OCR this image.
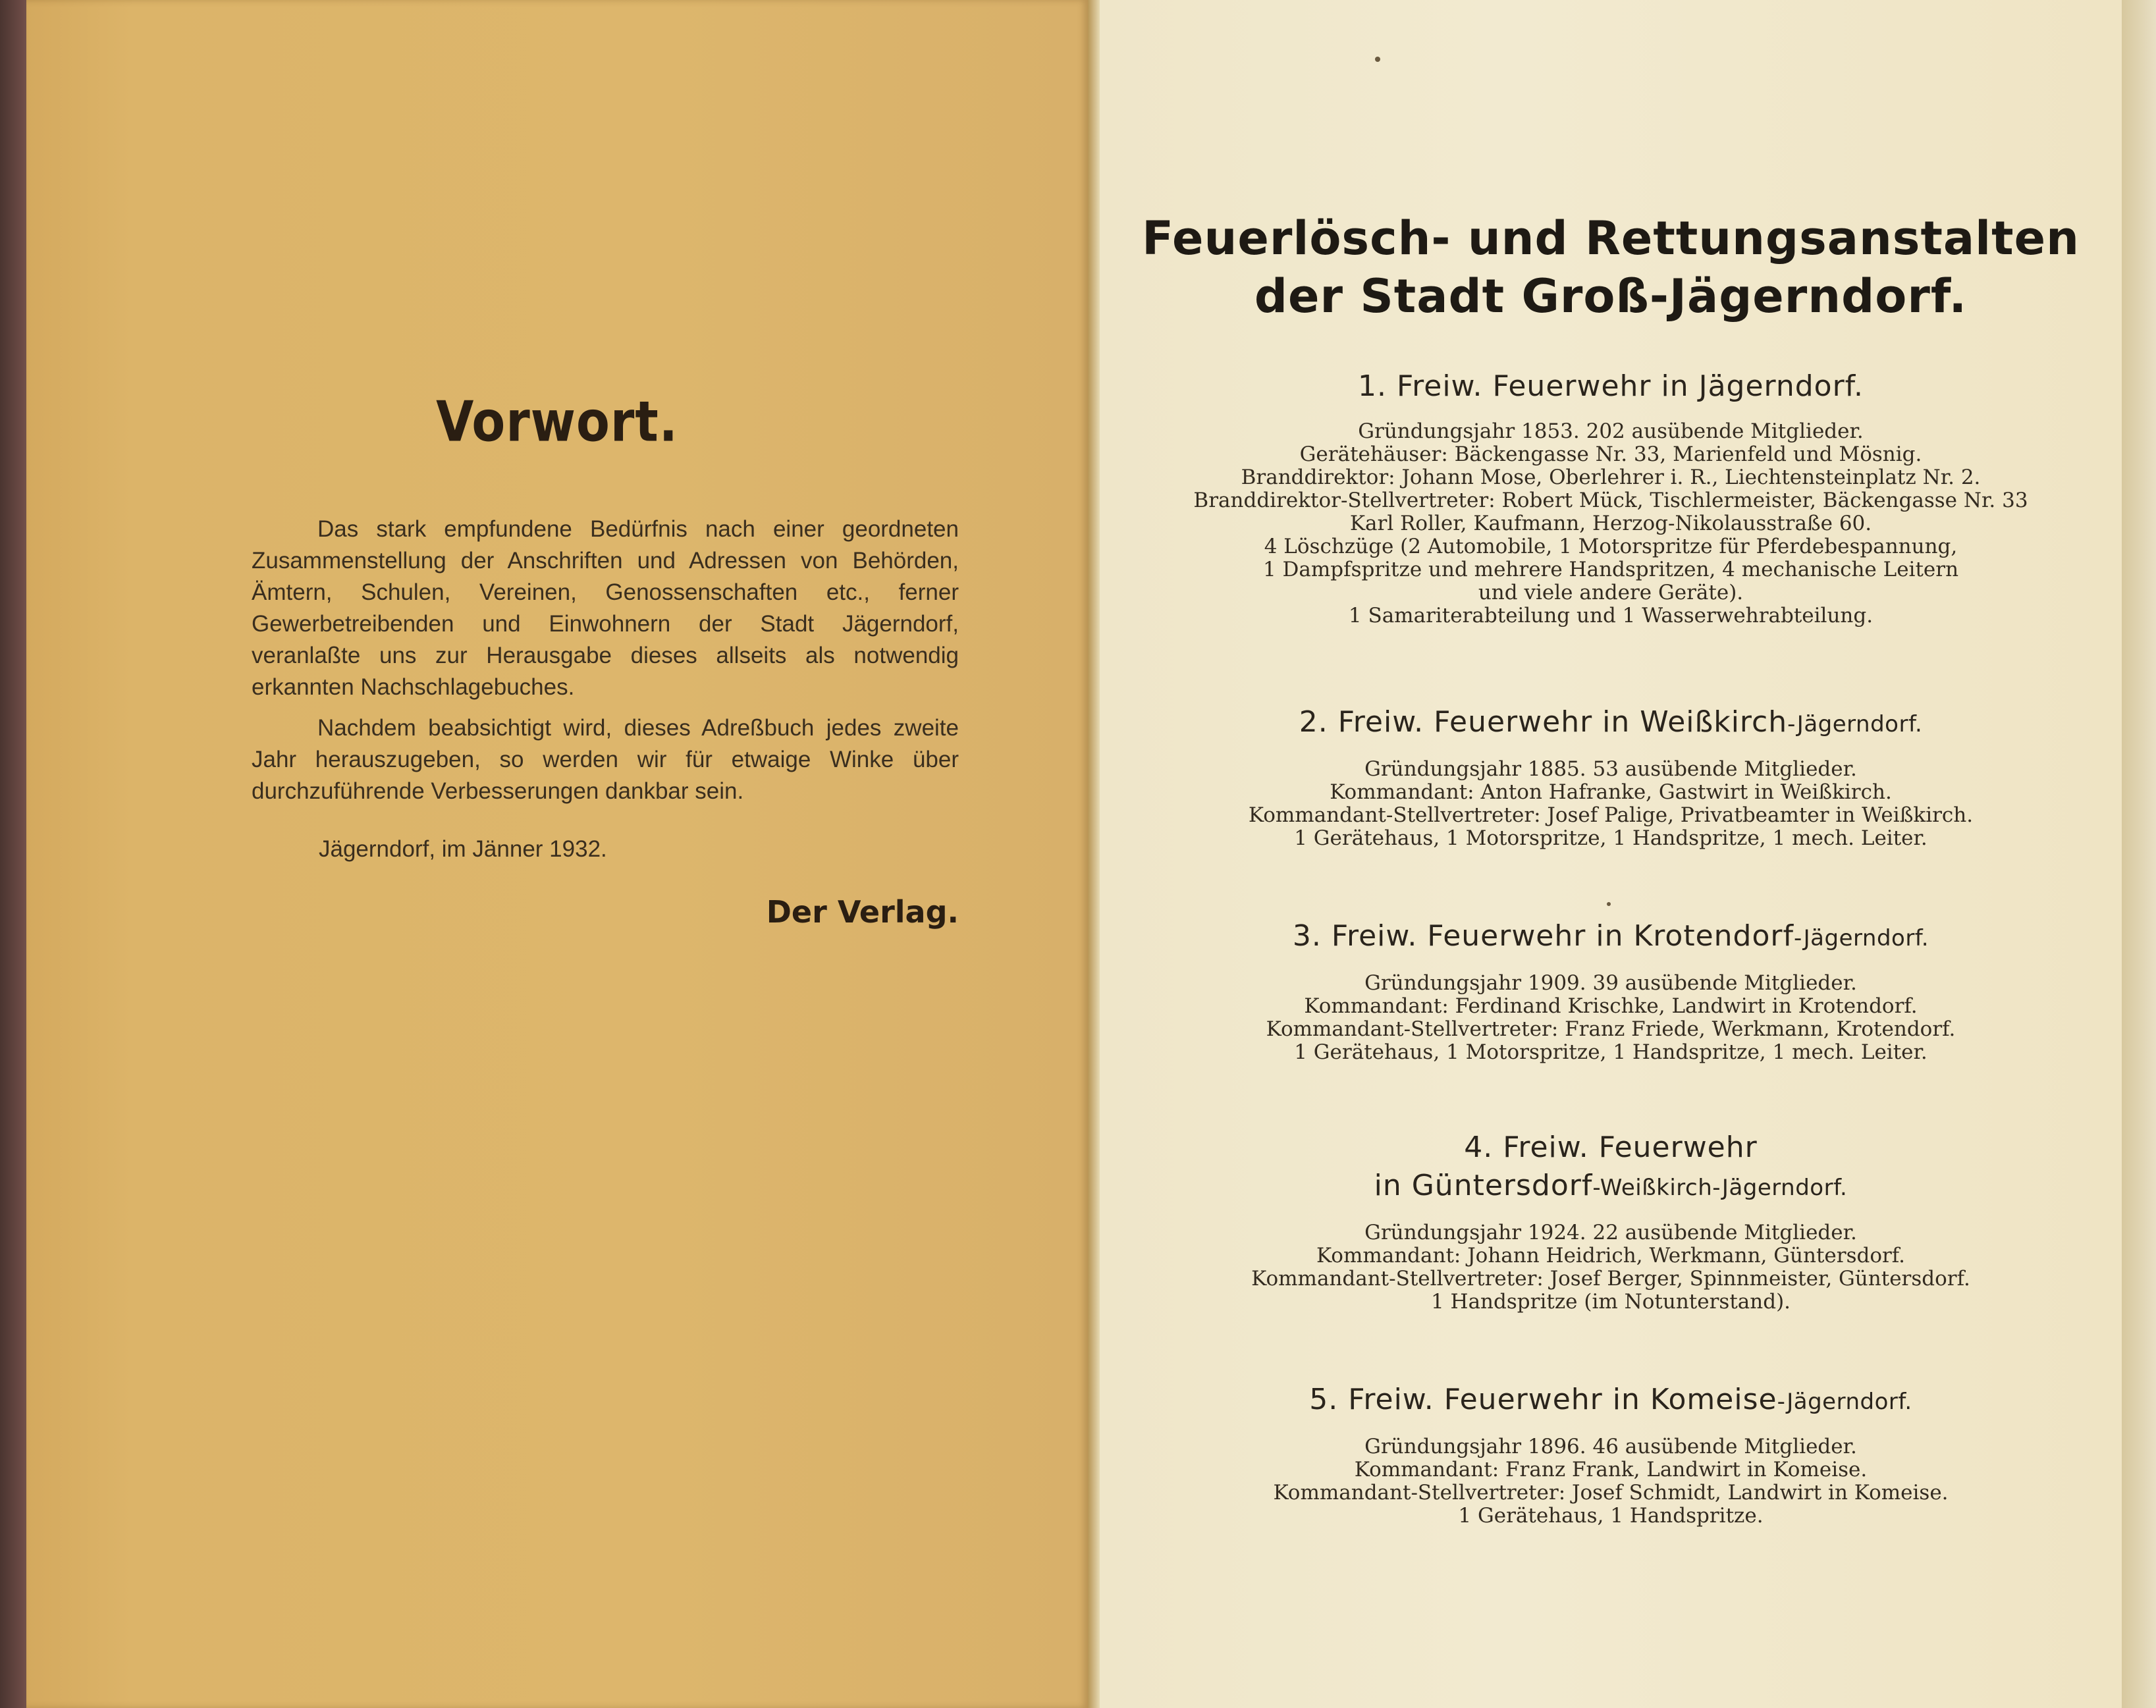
Vorwort.

Das stark empfundene Bedürfnis nach einer geordneten Zusammenstellung der Anschriften und Adressen von Behörden, Ämtern, Schulen, Vereinen, Genossenschaften etc., ferner Gewerbetreibenden und Einwohnern der Stadt Jägerndorf, veranlaßte uns zur Herausgabe dieses allseits als notwendig erkannten Nachschlagebuches.

Nachdem beabsichtigt wird, dieses Adreßbuch jedes zweite Jahr herauszugeben, so werden wir für etwaige Winke über durchzuführende Verbesserungen dankbar sein.

Jägerndorf, im Jänner 1932.
Der Verlag.
Feuerlösch- und Rettungsanstalten
der Stadt Groß-Jägerndorf.
1. Freiw. Feuerwehr in Jägerndorf.
Gründungsjahr 1853. 202 ausübende Mitglieder.
Gerätehäuser: Bäckengasse Nr. 33, Marienfeld und Mösnig.
Branddirektor: Johann Mose, Oberlehrer i. R., Liechtensteinplatz Nr. 2.
Branddirektor-Stellvertreter: Robert Mück, Tischlermeister, Bäckengasse Nr. 33
Karl Roller, Kaufmann, Herzog-Nikolausstraße 60.
4 Löschzüge (2 Automobile, 1 Motorspritze für Pferdebespannung,
1 Dampfspritze und mehrere Handspritzen, 4 mechanische Leitern
und viele andere Geräte).
1 Samariterabteilung und 1 Wasserwehrabteilung.
2. Freiw. Feuerwehr in Weißkirch-Jägerndorf.
Gründungsjahr 1885. 53 ausübende Mitglieder.
Kommandant: Anton Hafranke, Gastwirt in Weißkirch.
Kommandant-Stellvertreter: Josef Palige, Privatbeamter in Weißkirch.
1 Gerätehaus, 1 Motorspritze, 1 Handspritze, 1 mech. Leiter.
3. Freiw. Feuerwehr in Krotendorf-Jägerndorf.
Gründungsjahr 1909. 39 ausübende Mitglieder.
Kommandant: Ferdinand Krischke, Landwirt in Krotendorf.
Kommandant-Stellvertreter: Franz Friede, Werkmann, Krotendorf.
1 Gerätehaus, 1 Motorspritze, 1 Handspritze, 1 mech. Leiter.
4. Freiw. Feuerwehr
in Güntersdorf-Weißkirch-Jägerndorf.
Gründungsjahr 1924. 22 ausübende Mitglieder.
Kommandant: Johann Heidrich, Werkmann, Güntersdorf.
Kommandant-Stellvertreter: Josef Berger, Spinnmeister, Güntersdorf.
1 Handspritze (im Notunterstand).
5. Freiw. Feuerwehr in Komeise-Jägerndorf.
Gründungsjahr 1896. 46 ausübende Mitglieder.
Kommandant: Franz Frank, Landwirt in Komeise.
Kommandant-Stellvertreter: Josef Schmidt, Landwirt in Komeise.
1 Gerätehaus, 1 Handspritze.
